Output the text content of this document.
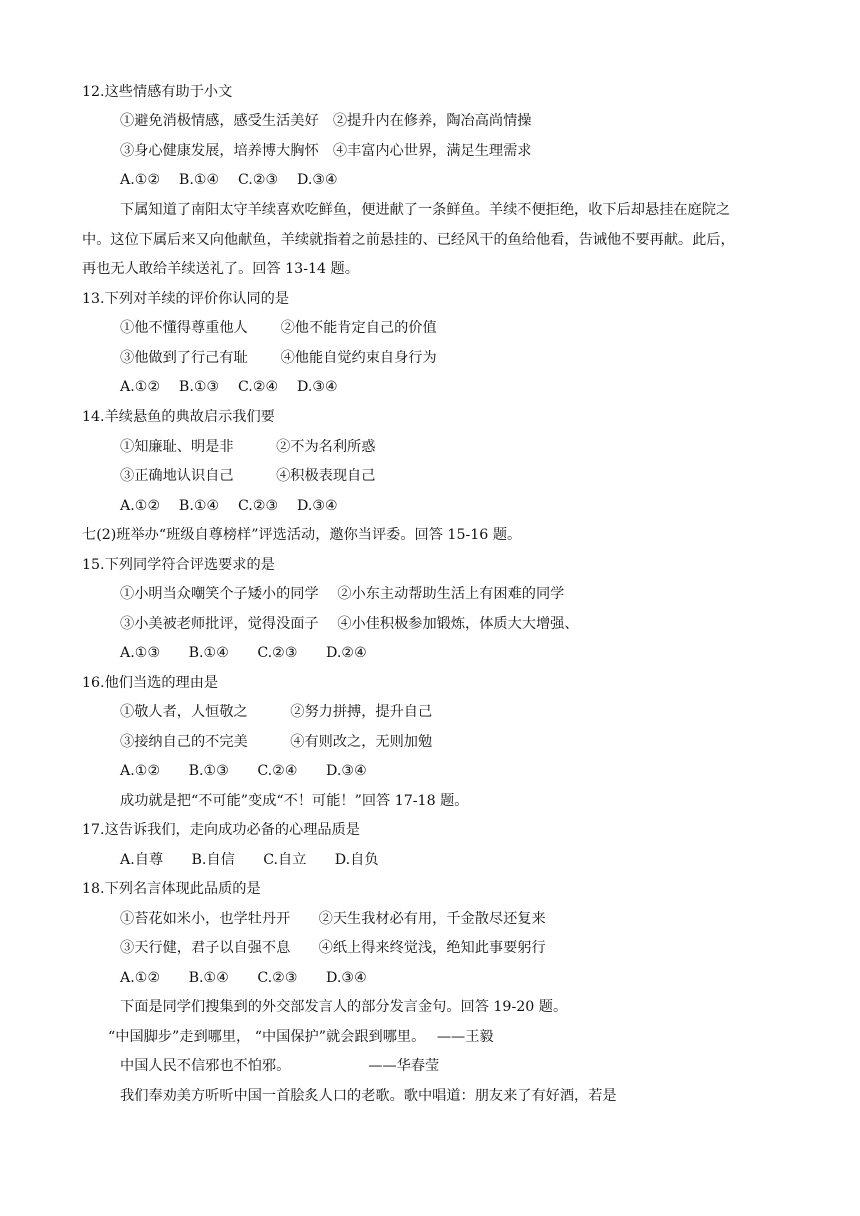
12.这些情感有助于小文
①避免消极情感，感受生活美好　②提升内在修养，陶冶高尚情操
③身心健康发展，培养博大胸怀　④丰富内心世界，满足生理需求
A.①②　 B.①④　 C.②③　 D.③④
下属知道了南阳太守羊续喜欢吃鲜鱼，便进献了一条鲜鱼。羊续不便拒绝，收下后却悬挂在庭院之
中。这位下属后来又向他献鱼，羊续就指着之前悬挂的、已经风干的鱼给他看，告诫他不要再献。此后，
再也无人敢给羊续送礼了。回答 13-14 题。
13.下列对羊续的评价你认同的是
①他不懂得尊重他人　　 ②他不能肯定自己的价值
③他做到了行己有耻　　 ④他能自觉约束自身行为
A.①②　 B.①③　 C.②④　 D.③④
14.羊续悬鱼的典故启示我们要
①知廉耻、明是非　　　②不为名利所惑
③正确地认识自己　　　④积极表现自己
A.①②　 B.①④　 C.②③　 D.③④
七(2)班举办“班级自尊榜样”评选活动，邀你当评委。回答 15-16 题。
15.下列同学符合评选要求的是
①小明当众嘲笑个子矮小的同学　 ②小东主动帮助生活上有困难的同学
③小美被老师批评，觉得没面子　 ④小佳积极参加锻炼，体质大大增强、
A.①③　　B.①④　　C.②③　　D.②④
16.他们当选的理由是
①敬人者，人恒敬之　　　②努力拼搏，提升自己
③接纳自己的不完美　　　④有则改之，无则加勉
A.①②　　B.①③　　C.②④　　D.③④
成功就是把“不可能”变成“不！可能！”回答 17-18 题。
17.这告诉我们，走向成功必备的心理品质是
A.自尊　　B.自信　　C.自立　　D.自负
18.下列名言体现此品质的是
①苔花如米小，也学牡丹开　　②天生我材必有用，千金散尽还复来
③天行健，君子以自强不息　　④纸上得来终觉浅，绝知此事要躬行
A.①②　　B.①④　　C.②③　　D.③④
下面是同学们搜集到的外交部发言人的部分发言金句。回答 19-20 题。
“中国脚步”走到哪里， “中国保护”就会跟到哪里。　 ——王毅
中国人民不信邪也不怕邪。　　　　　　——华春莹
我们奉劝美方听听中国一首脍炙人口的老歌。歌中唱道：朋友来了有好酒，若是
